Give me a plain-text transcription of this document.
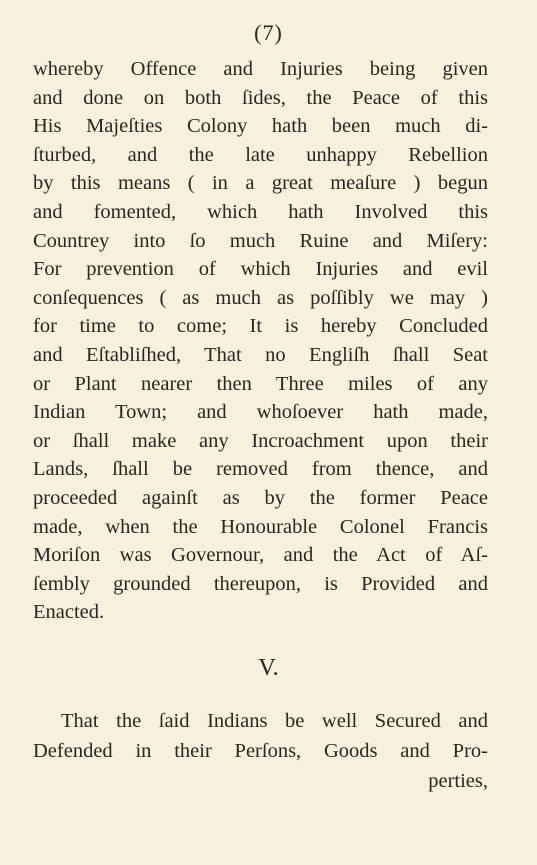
(7)
whereby Offence and Injuries being given
and done on both ſides, the Peace of this
His Majeſties Colony hath been much di-
ſturbed, and the late unhappy Rebellion
by this means ( in a great meaſure ) begun
and fomented, which hath Involved this
Countrey into ſo much Ruine and Miſery:
For prevention of which Injuries and evil
conſequences ( as much as poſſibly we may )
for time to come; It is hereby Concluded
and Eſtabliſhed, That no Engliſh ſhall Seat
or Plant nearer then Three miles of any
Indian Town; and whoſoever hath made,
or ſhall make any Incroachment upon their
Lands, ſhall be removed from thence, and
proceeded againſt as by the former Peace
made, when the Honourable Colonel Francis
Moriſon was Governour, and the Act of Aſ-
ſembly grounded thereupon, is Provided and
Enacted.
V.
That the ſaid Indians be well Secured and
Defended in their Perſons, Goods and Pro-
perties,
